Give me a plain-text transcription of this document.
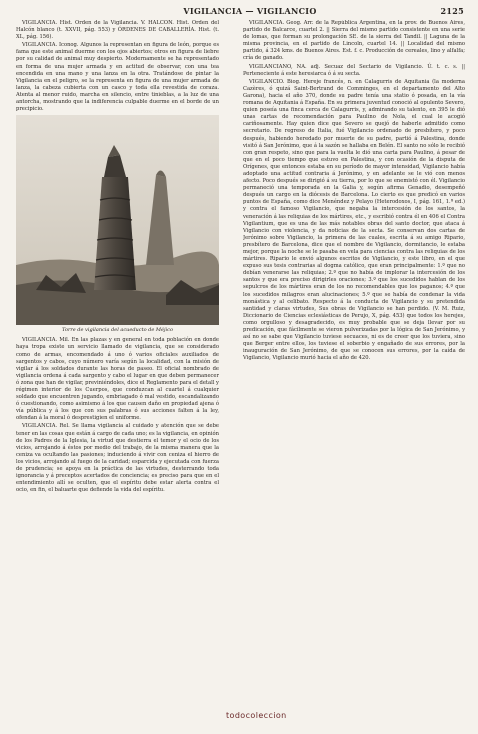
VIGILANCIA — VIGILANCIO	2125

VIGILANCIA. Hist. Orden de la Vigilancia. V. HALCÓN. Hist. Orden del Halcón blanco (t. XXVII, pág. 553) y ÓRDENES DE CABALLERÍA. Hist. (t. XL, pág. 156).

VIGILANCIA. Iconog. Algunos la representan en figura de león, porque es fama que este animal duerme con los ojos abiertos; otros en figura de liebre por su calidad de animal muy despierto. Modernamente se ha representado en forma de una mujer armada y en actitud de observar, con una tea encendida en una mano y una lanza en la otra. Tratándose de pintar la Vigilancia en el peligro, se la representa en figura de una mujer armada de lanza, la cabeza cubierta con un casco y toda ella revestida de coraza. Atenta al menor ruido, marcha en silencio, entre tinieblas, a la luz de una antorcha, mostrando que la indiferencia culpable duerme en el borde de un precipicio.

Torre de vigilancia del acueducto de Méjico

VIGILANCIA. Mil. En las plazas y en general en toda población en donde haya tropa existe un servicio llamado de vigilancia, que se considerado como de armas, encomendado á uno ó varios oficiales auxiliados de sargentos y cabos, cuyo número varía según la localidad, con la misión de vigilar á los soldados durante las horas de paseo. El oficial nombrado de vigilancia ordena á cada sargento y cabo el lugar en que deben permanecer ó zona que han de vigilar, previniéndoles, dice el Reglamento para el detall y régimen interior de los Cuerpos, que conduzcan al cuartel á cualquier soldado que encuentren jugando, embriagado ó mal vestido, escandalizando ó cuestionando, como asimismo á los que causen daño en propiedad ajena ó vía pública y á los que con sus palabras ó sus acciones falten á la ley, ofendan á la moral ó desprestigien el uniforme.

VIGILANCIA. Rel. Se llama vigilancia al cuidado y atención que se debe tener en las cosas que están á cargo de cada uno; es la vigilancia, en opinión de los Padres de la Iglesia, la virtud que destierra el temor y el ocio de los vicios, arrojando á éstos por medio del trabajo, de la misma manera que la ceniza va ocultando las pasiones; induciendo á vivir con ceniza el hierro de los vicios, arrojando al fuego de la caridad; esparcida y ejecutada con fuerza de prudencia; se apoya en la práctica de las virtudes, desterrando toda ignorancia y á preceptos acertados de conciencia; es preciso para que en el entendimiento allí se oculten, que el espíritu debe estar alerta contra el ocio, en fin, el baluarte que defiende la vida del espíritu.

VIGILANCIA. Geog. Arr. de la República Argentina, en la prov. de Buenos Aires, partido de Balcarce, cuartel 2. || Sierra del mismo partido consistente en una serie de lomas, que forman su prolongación SE. de la sierra del Tandil. || Laguna de la misma provincia, en el partido de Lincoln, cuartel 14. || Localidad del mismo partido, á 324 kms. de Buenos Aires. Est. f. c. Producción de cereales, lino y alfalfa; cría de ganado.

VIGILANCIANO, NA. adj. Secuaz del Sectario de Vigilancio. Ú. t. c. s. || Perteneciente á este heresiarca ó á su secta.

VIGILANCIO. Biog. Hereje francés, n. en Calagurris de Aquitania (la moderna Cazères, ó quizá Saint-Bertrand de Comminges, en el departamento del Alto Garona), hacia el año 370, donde su padre tenía una statio ó posada, en la vía romana de Aquitania á España. En su primera juventud conoció al opulento Severo, quien poseía una finca cerca de Calagurris, y, admirando su talento, en 395 le dió unas cartas de recomendación para Paulino de Nola, el cual le acogió cariñosamente. Hay quien dice que Severo se quejó de haberle admitido como secretario. De regreso de Italia, fué Vigilancio ordenado de presbítero, y poco después, habiendo heredado por muerte de su padre, partió á Palestina, donde visitó á San Jerónimo, que á la sazón se hallaba en Belén. El santo no sólo le recibió con gran respeto, sino que para la vuelta le dió una carta para Paulino, á pesar de que en el poco tiempo que estuvo en Palestina, y con ocasión de la disputa de Orígenes, que entonces estaba en su período de mayor intensidad, Vigilancio había adoptado una actitud contraria á Jerónimo, y en adelante se le vió con menos afecto. Poco después se dirigió á su tierra, por lo que se enemistó con él. Vigilancio permaneció una temporada en la Galia y, según afirma Genadio, desempeñó después un cargo en la diócesis de Barcelona. Lo cierto es que predicó en varios puntos de España, como dice Menéndez y Pelayo (Heterodoxos, I, pág. 161, 1.ª ed.) y contra el famoso Vigilancio, que negaba la intercesión de los santos, la veneración á las reliquias de los mártires, etc., y escribió contra él en 406 el Contra Vigilantium, que es una de las más notables obras del santo doctor, que ataca á Vigilancio con violencia, y da noticias de la secta. Se conservan dos cartas de Jerónimo sobre Vigilancio, la primera de las cuales, escrita á su amigo Ripario, presbítero de Barcelona, dice que el nombre de Vigilancio, dormitancio, le estaba mejor, porque la noche se le pasaba en vela para ciencias contra las reliquias de los mártires. Ripario le envió algunos escritos de Vigilancio, y este libro, en el que expuso sus tesis contrarias al dogma católico, que eran principalmente: 1.º que no debían venerarse las reliquias; 2.º que no había de implorar la intercesión de los santos y que era preciso dirigirles oraciones; 3.º que los sucedidos hablan de los sepulcros de los mártires eran de los no recomendables que los paganos; 4.º que los sucedidos milagros eran alucinaciones; 5.º que se había de condenar la vida monástica y al celibato. Respecto á la conducta de Vigilancio y su pretendida santidad y claras virtudes, Sus obras de Vigilancio se han perdido. (V. M. Ruiz, Diccionario de Ciencias eclesiásticas de Perujo, X, pág. 453) que todos los herejes, como orgulloso y desagradecido, es muy probable que se deja llevar por su predicación, que fácilmente se vieron pulverizadas por la lógica de San Jerónimo, y así no se sabe que Vigilancio tuviese secuaces, ni es de creer que los tuviera, sino que Berger entre ellos, los tuviese el soberbio y engañado de sus errores, por la inauguración de San Jerónimo, de que se conocen sus errores, por la caída de Vigilancio, Vigilancio murió hacia el año de 420.

todocoleccion
